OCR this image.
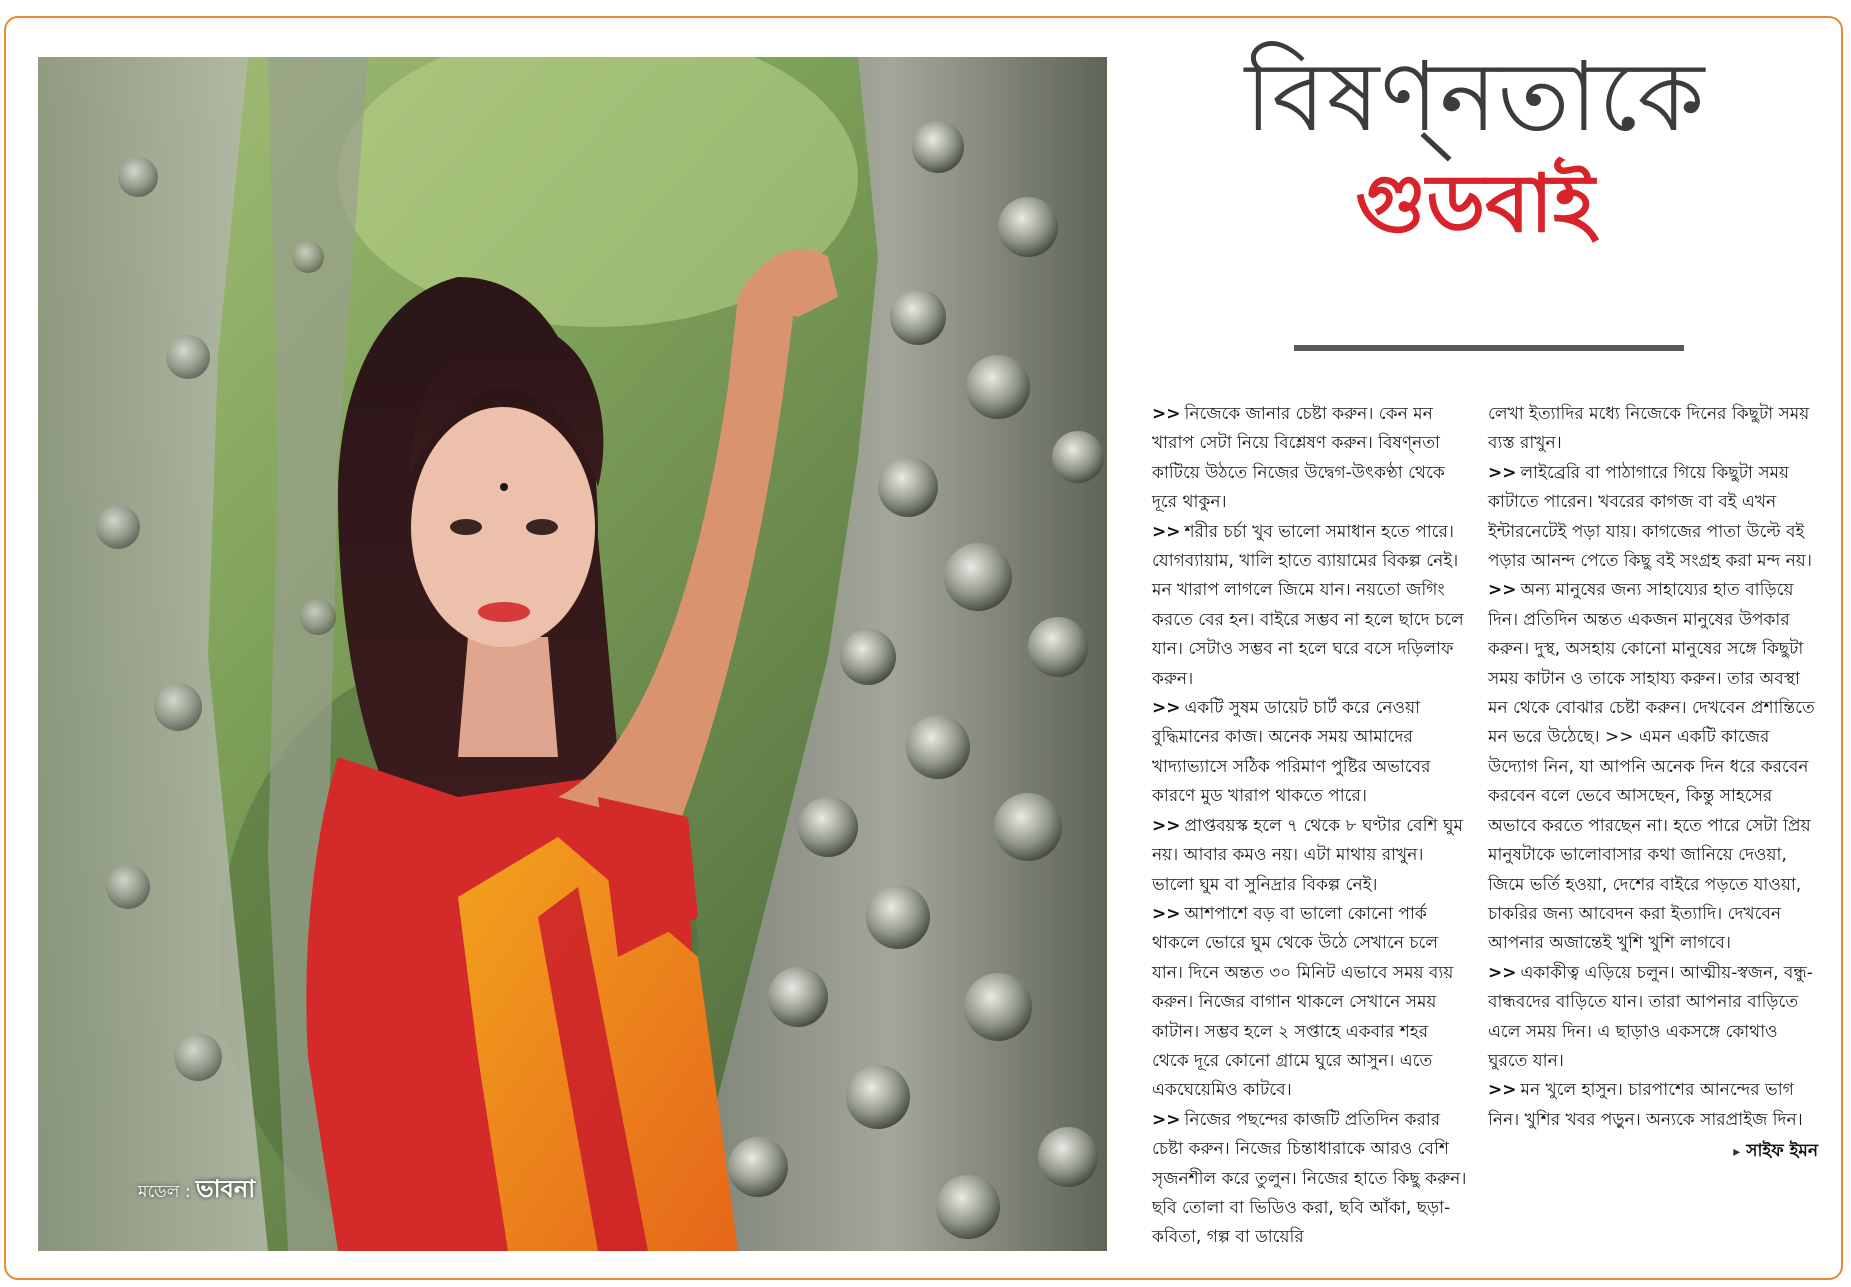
মডেল : ভাবনা
বিষণ্নতাকে
গুডবাই

>> নিজেকে জানার চেষ্টা করুন। কেন মন খারাপ সেটা নিয়ে বিশ্লেষণ করুন। বিষণ্নতা কাটিয়ে উঠতে নিজের উদ্বেগ-উৎকণ্ঠা থেকে দূরে থাকুন।

>> শরীর চর্চা খুব ভালো সমাধান হতে পারে। যোগব্যায়াম, খালি হাতে ব্যায়ামের বিকল্প নেই। মন খারাপ লাগলে জিমে যান। নয়তো জগিং করতে বের হন। বাইরে সম্ভব না হলে ছাদে চলে যান। সেটাও সম্ভব না হলে ঘরে বসে দড়িলাফ করুন।

>> একটি সুষম ডায়েট চার্ট করে নেওয়া বুদ্ধিমানের কাজ। অনেক সময় আমাদের খাদ্যাভ্যাসে সঠিক পরিমাণ পুষ্টির অভাবের কারণে মুড খারাপ থাকতে পারে।

>> প্রাপ্তবয়স্ক হলে ৭ থেকে ৮ ঘণ্টার বেশি ঘুম নয়। আবার কমও নয়। এটা মাথায় রাখুন। ভালো ঘুম বা সুনিদ্রার বিকল্প নেই।

>> আশপাশে বড় বা ভালো কোনো পার্ক থাকলে ভোরে ঘুম থেকে উঠে সেখানে চলে যান। দিনে অন্তত ৩০ মিনিট এভাবে সময় ব্যয় করুন। নিজের বাগান থাকলে সেখানে সময় কাটান। সম্ভব হলে ২ সপ্তাহে একবার শহর থেকে দূরে কোনো গ্রামে ঘুরে আসুন। এতে একঘেয়েমিও কাটবে।

>> নিজের পছন্দের কাজটি প্রতিদিন করার চেষ্টা করুন। নিজের চিন্তাধারাকে আরও বেশি সৃজনশীল করে তুলুন। নিজের হাতে কিছু করুন। ছবি তোলা বা ভিডিও করা, ছবি আঁকা, ছড়া-কবিতা, গল্প বা ডায়েরি

লেখা ইত্যাদির মধ্যে নিজেকে দিনের কিছুটা সময় ব্যস্ত রাখুন।

>> লাইব্রেরি বা পাঠাগারে গিয়ে কিছুটা সময় কাটাতে পারেন। খবরের কাগজ বা বই এখন ইন্টারনেটেই পড়া যায়। কাগজের পাতা উল্টে বই পড়ার আনন্দ পেতে কিছু বই সংগ্রহ করা মন্দ নয়।

>> অন্য মানুষের জন্য সাহায্যের হাত বাড়িয়ে দিন। প্রতিদিন অন্তত একজন মানুষের উপকার করুন। দুস্থ, অসহায় কোনো মানুষের সঙ্গে কিছুটা সময় কাটান ও তাকে সাহায্য করুন। তার অবস্থা মন থেকে বোঝার চেষ্টা করুন। দেখবেন প্রশান্তিতে মন ভরে উঠেছে। >> এমন একটি কাজের উদ্যোগ নিন, যা আপনি অনেক দিন ধরে করবেন করবেন বলে ভেবে আসছেন, কিন্তু সাহসের অভাবে করতে পারছেন না। হতে পারে সেটা প্রিয় মানুষটাকে ভালোবাসার কথা জানিয়ে দেওয়া, জিমে ভর্তি হওয়া, দেশের বাইরে পড়তে যাওয়া, চাকরির জন্য আবেদন করা ইত্যাদি। দেখবেন আপনার অজান্তেই খুশি খুশি লাগবে।

>> একাকীত্ব এড়িয়ে চলুন। আত্মীয়-স্বজন, বন্ধু-বান্ধবদের বাড়িতে যান। তারা আপনার বাড়িতে এলে সময় দিন। এ ছাড়াও একসঙ্গে কোথাও ঘুরতে যান।

>> মন খুলে হাসুন। চারপাশের আনন্দের ভাগ নিন। খুশির খবর পড়ুন। অন্যকে সারপ্রাইজ দিন।

▸ সাইফ ইমন
